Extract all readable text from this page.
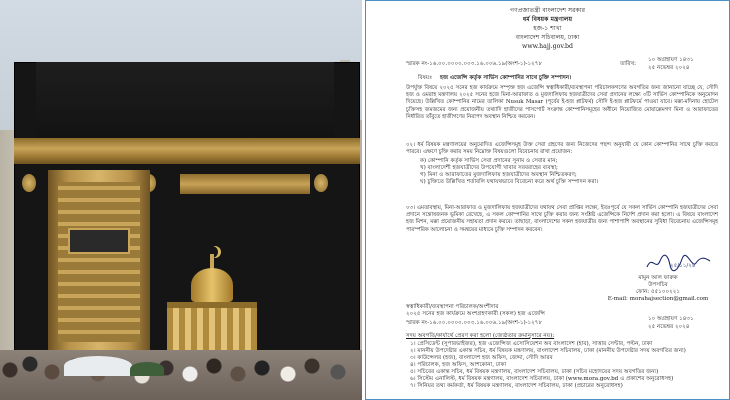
গণপ্রজাতন্ত্রী বাংলাদেশ সরকার
ধর্ম বিষয়ক মন্ত্রণালয়
হজ-১ শাখা
বাংলাদেশ সচিবালয়, ঢাকা
www.hajj.gov.bd
স্মারক নং-১৬.০০.০০০০.০০৩.১৬.০০৬.১৯(অংশ-১)-১২৭৮	তারিখ:
১০ অগ্রহায়ণ ১৪৩১
২৫ নভেম্বর ২০২৪
বিষয়ঃ হজ এজেন্সি কর্তৃক সার্ভিস কোম্পানির সাথে চুক্তি সম্পাদন।
উপর্যুক্ত বিষয়ে ২০২৫ সনের হজ কার্যক্রমে সম্পৃক্ত হজ এজেন্সি স্বত্বাধিকারী/ব্যবস্থাপনা পরিচালকগণের অবগতির জন্য জানানো যাচ্ছে যে, সৌদি হজ ও ওমরাহ মন্ত্রণালয় ২০২৫ সনের হজে মিনা-আরাফাত ও মুজদালিফায় হজযাত্রীদের সেবা প্রদানের লক্ষ্যে ৩টি সার্ভিস কোম্পানিকে অনুমোদন দিয়েছে। উল্লিখিত কোম্পানির নামের তালিকা Nusuk Masar (পূর্বের ই-হজ প্লাটফর্ম) সৌদি ই-হজ প্লাটফর্মে পাওয়া যাবে। মক্কা-মদিনায় হোটেল চুক্তিসহ জমজমের জন্য প্রয়োজনীয় তথ্যাদি হাজীদের পাসপোর্ট সংক্রান্ত কোম্পানিসমূহের অধীনে নিয়োজিত মোয়াল্লেমগণ মিনা ও আরাফাতের নির্ধারিত তাঁবুতে হাজীগণের নিরাপদ অবস্থান নিশ্চিত করবেন।
০২। ধর্ম বিষয়ক মন্ত্রণালয়ের অনুমোদিত এজেন্সিসমূহ উক্ত সেবা গ্রহণের জন্য নিজেদের পছন্দ অনুযায়ী যে কোন কোম্পানির সাথে চুক্তি করতে পারবে। এক্ষণে চুক্তি করার সময় নিম্নোক্ত বিষয়গুলো বিবেচনায় রাখা প্রয়োজন:
ক) কোম্পানি কর্তৃক সার্ভিস সেবা প্রদানের সুনাম ও সেবার মান;
খ) বাংলাদেশী হজযাত্রীদের উপযোগী খাবার সরবরাহের ব্যবস্থা;
গ) মিনা ও আরাফাতের মুজদালিফায় হজযাত্রীদের অবস্থান নিশ্চিতকরণ;
ঘ) চুক্তিতে উল্লিখিত শর্তাবলি যথাযথভাবে বিবেচনা করে অর্থ চুক্তি সম্পাদন করা।
০৩। এমতাবস্থায়, মিনা-আরাফাত ও মুজদালিফায় হজযাত্রীদের যথাযথ সেবা প্রাপ্তির লক্ষ্যে, ইতঃপূর্বে যে সকল সার্ভিস কোম্পানি হজযাত্রীদের সেবা প্রদানে সন্তোষজনক ভূমিকা রেখেছে, এ সকল কোম্পানির সাথে চুক্তি করার জন্য সংশ্লিষ্ট এজেন্সিকে নির্দেশ প্রদান করা হলো। এ বিষয়ে বাংলাদেশ হজ মিশন, মক্কা প্রয়োজনীয় সহায়তা প্রদান করবে। তাছাড়া, বাংলাদেশের সকল হজযাত্রীর জন্য পাশাপাশি অবস্থানের সুবিধা বিবেচনায় এজেন্সিসমূহ পারস্পরিক আলোচনা ও সমন্বয়ের মাধ্যমে চুক্তি সম্পাদন করবেন।
২৫/১১/২৪
মামুন আল ফারুক
উপসচিব
ফোন: ৫৫১০০২২১
E-mail: morahajsection@gmail.com
স্বত্বাধিকারী/ব্যবস্থাপনা পরিচালক/অংশীদার
২০২৫ সনের হজ কার্যক্রমে অংশগ্রহণকারী (সকল) হজ এজেন্সি
স্মারক নং-১৬.০০.০০০০.০০৩.১৬.০০৬.১৯(অংশ-১)-১২৭৮
১০ অগ্রহায়ণ ১৪৩১
২৫ নভেম্বর ২০২৪
সদয় অবগতি/কার্যার্থে প্রেরণ করা হলো (জ্যেষ্ঠতার ক্রমানুসারে নয়):
১। প্রেসিডেন্ট (সুপারভাইজর), হজ এজেন্সিজ এসোসিয়েশন অব বাংলাদেশ (হাব), সাত্তার সেন্টার, পল্টন, ঢাকা
২। মাননীয় উপদেষ্টার একান্ত সচিব, ধর্ম বিষয়ক মন্ত্রণালয়, বাংলাদেশ সচিবালয়, ঢাকা (মাননীয় উপদেষ্টার সদয় অবগতির জন্য)
৩। কাউন্সেলর (হজ), বাংলাদেশ হজ অফিস, জেদ্দা, সৌদি আরব
৪। পরিচালক, হজ অফিস, আশকোনা, ঢাকা
৫। সচিবের একান্ত সচিব, ধর্ম বিষয়ক মন্ত্রণালয়, বাংলাদেশ সচিবালয়, ঢাকা (সচিব মহোদয়ের সদয় অবগতির জন্য)
৬। সিস্টেম এনালিস্ট, ধর্ম বিষয়ক মন্ত্রণালয়, বাংলাদেশ সচিবালয়, ঢাকা (www.mora.gov.bd এ প্রকাশের অনুরোধসহ)
৭। সিনিয়র তথ্য কর্মকর্তা, ধর্ম বিষয়ক মন্ত্রণালয়, বাংলাদেশ সচিবালয়, ঢাকা (প্রচারের অনুরোধসহ)
